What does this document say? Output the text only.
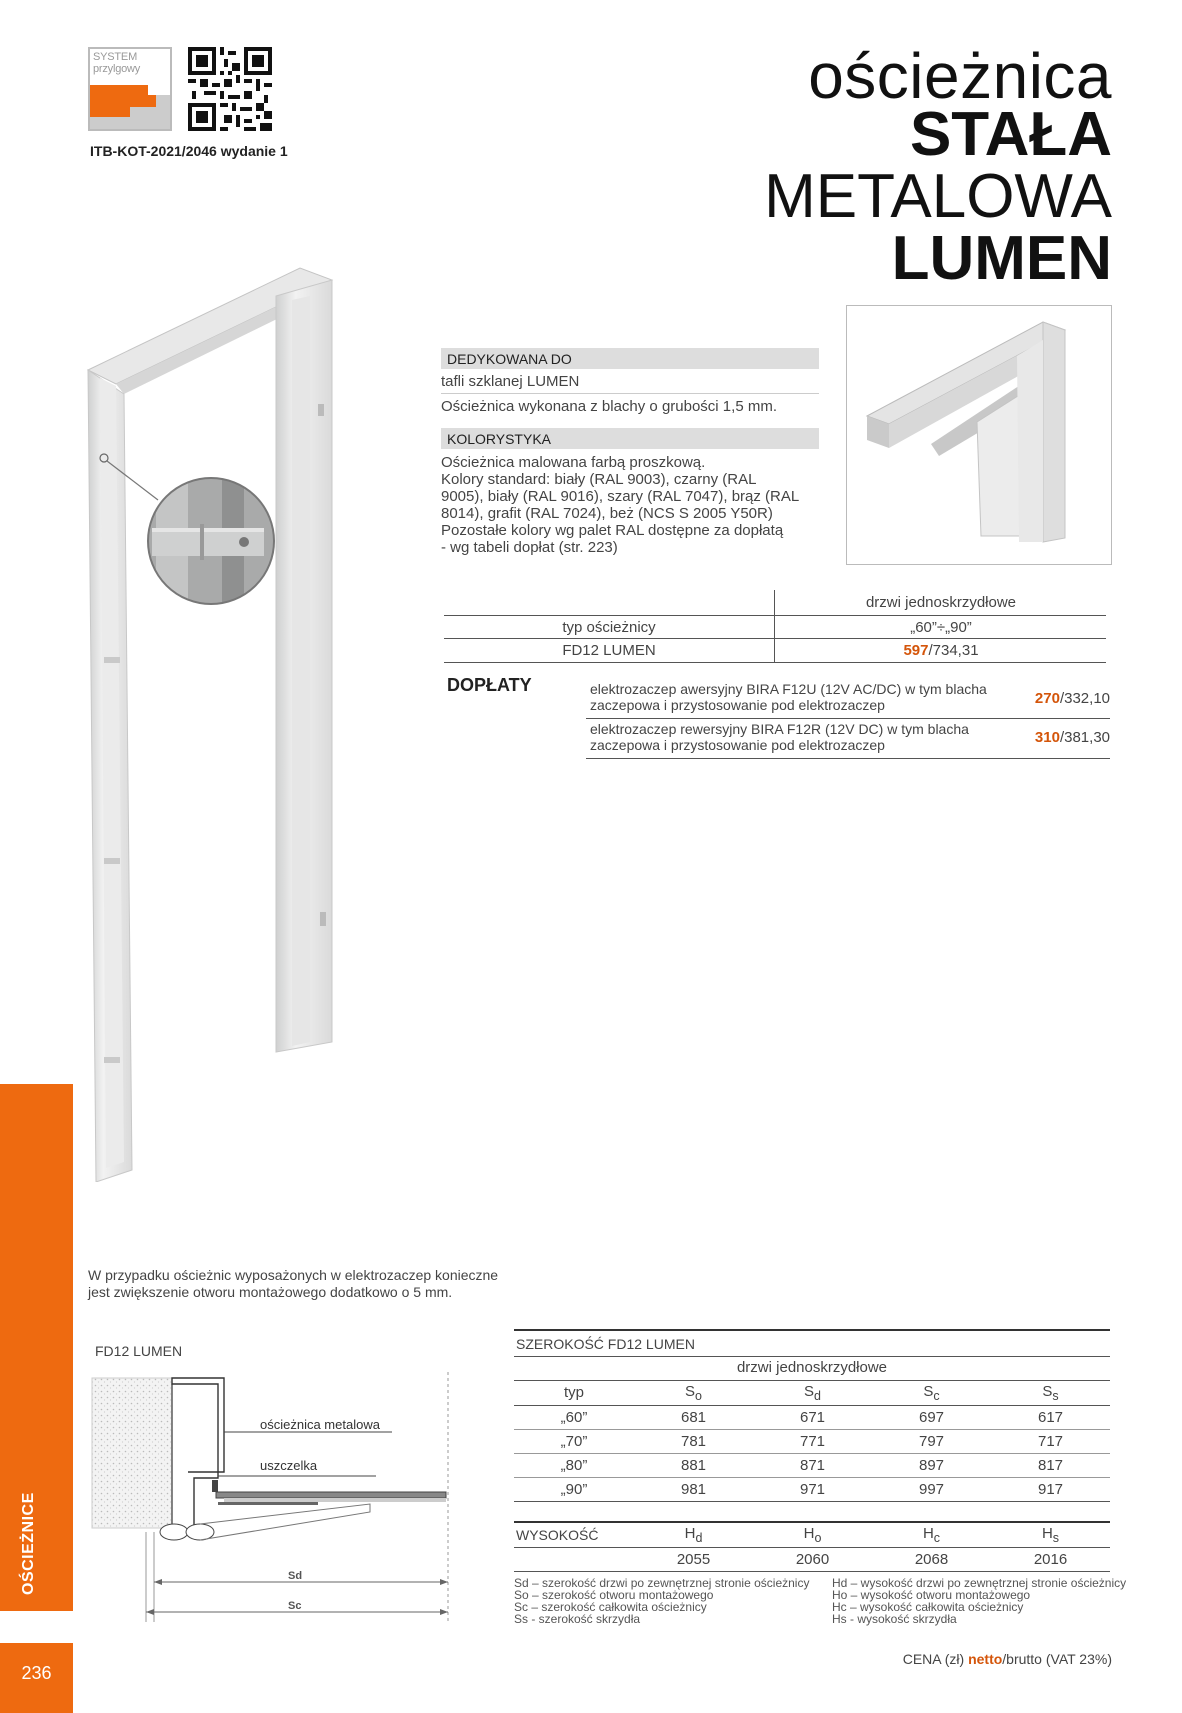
SYSTEM
przylgowy
ITB-KOT-2021/2046 wydanie 1
ościeżnica
STAŁA
METALOWA
LUMEN
DEDYKOWANA DO
tafli szklanej LUMEN
Ościeżnica wykonana z blachy o grubości 1,5 mm.
KOLORYSTYKA
Ościeżnica malowana farbą proszkową.
Kolory standard: biały (RAL 9003), czarny (RAL
9005), biały (RAL 9016), szary (RAL 7047), brąz (RAL
8014), grafit (RAL 7024), beż (NCS S 2005 Y50R)
Pozostałe kolory wg palet RAL dostępne za dopłatą
- wg tabeli dopłat (str. 223)
drzwi jednoskrzydłowe
typ ościeżnicy	„60”÷„90”
FD12 LUMEN	597/734,31
DOPŁATY	elektrozaczep awersyjny BIRA F12U (12V AC/DC) w tym blacha
zaczepowa i przystosowanie pod elektrozaczep	270/332,10
elektrozaczep rewersyjny BIRA F12R (12V DC) w tym blacha
zaczepowa i przystosowanie pod elektrozaczep	310/381,30
W przypadku ościeżnic wyposażonych w elektrozaczep konieczne
jest zwiększenie otworu montażowego dodatkowo o 5 mm.
FD12 LUMEN
ościeżnica metalowa
uszczelka
Sd
Sc
SZEROKOŚĆ FD12 LUMEN
drzwi jednoskrzydłowe
typ	$S_o$	$S_d$	$S_c$	$S_s$
„60”	681	671	697	617
„70”	781	771	797	717
„80”	881	871	897	817
„90”	981	971	997	917
WYSOKOŚĆ	$H_d$	$H_o$	$H_c$	$H_s$
	2055	2060	2068	2016
Sd – szerokość drzwi po zewnętrznej stronie ościeżnicy
So – szerokość otworu montażowego
Sc – szerokość całkowita ościeżnicy
Ss - szerokość skrzydła
Hd – wysokość drzwi po zewnętrznej stronie ościeżnicy
Ho – wysokość otworu montażowego
Hc – wysokość całkowita ościeżnicy
Hs - wysokość skrzydła
CENA (zł) netto/brutto (VAT 23%)
OŚCIEŻNICE
236
